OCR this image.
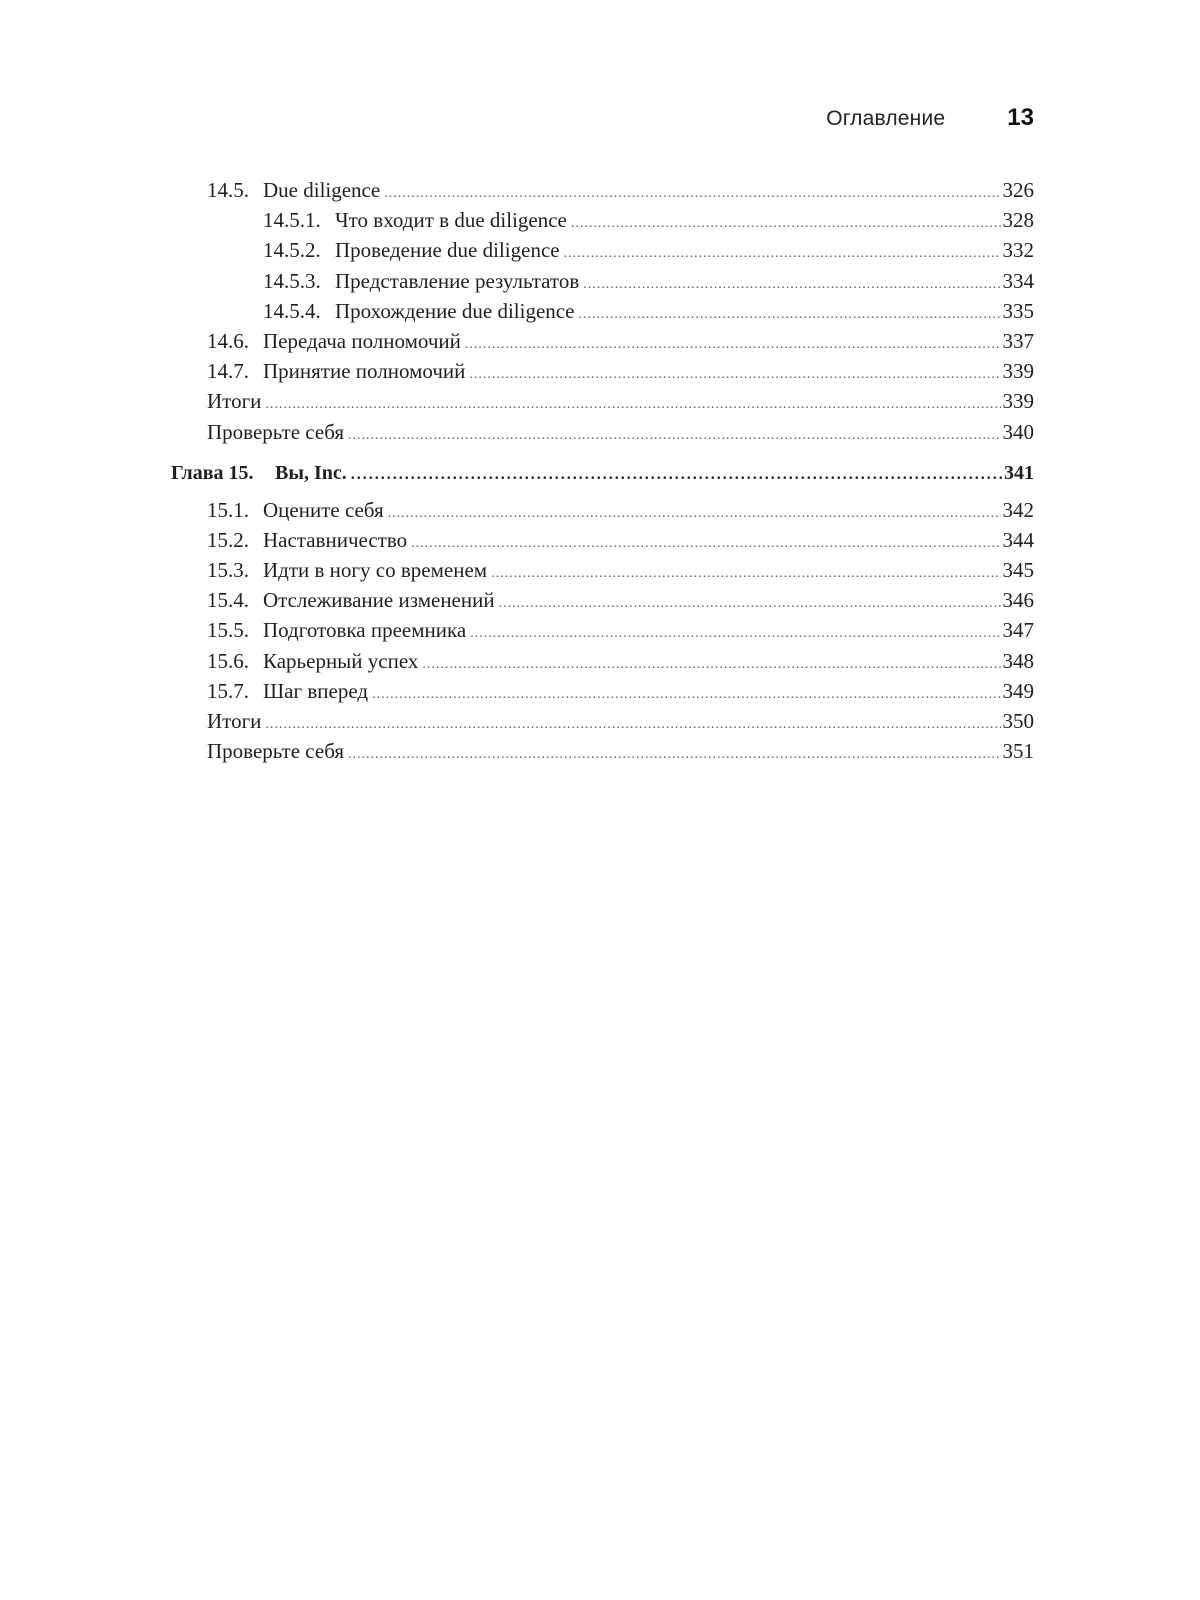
Оглавление	13
14.5. Due diligence .....	326
14.5.1. Что входит в due diligence .....	328
14.5.2. Проведение due diligence .....	332
14.5.3. Представление результатов .....	334
14.5.4. Прохождение due diligence .....	335
14.6. Передача полномочий .....	337
14.7. Принятие полномочий .....	339
Итоги .....	339
Проверьте себя .....	340
Глава 15.	Вы, Inc. .....	341
15.1. Оцените себя .....	342
15.2. Наставничество .....	344
15.3. Идти в ногу со временем .....	345
15.4. Отслеживание изменений .....	346
15.5. Подготовка преемника .....	347
15.6. Карьерный успех .....	348
15.7. Шаг вперед .....	349
Итоги .....	350
Проверьте себя .....	351
